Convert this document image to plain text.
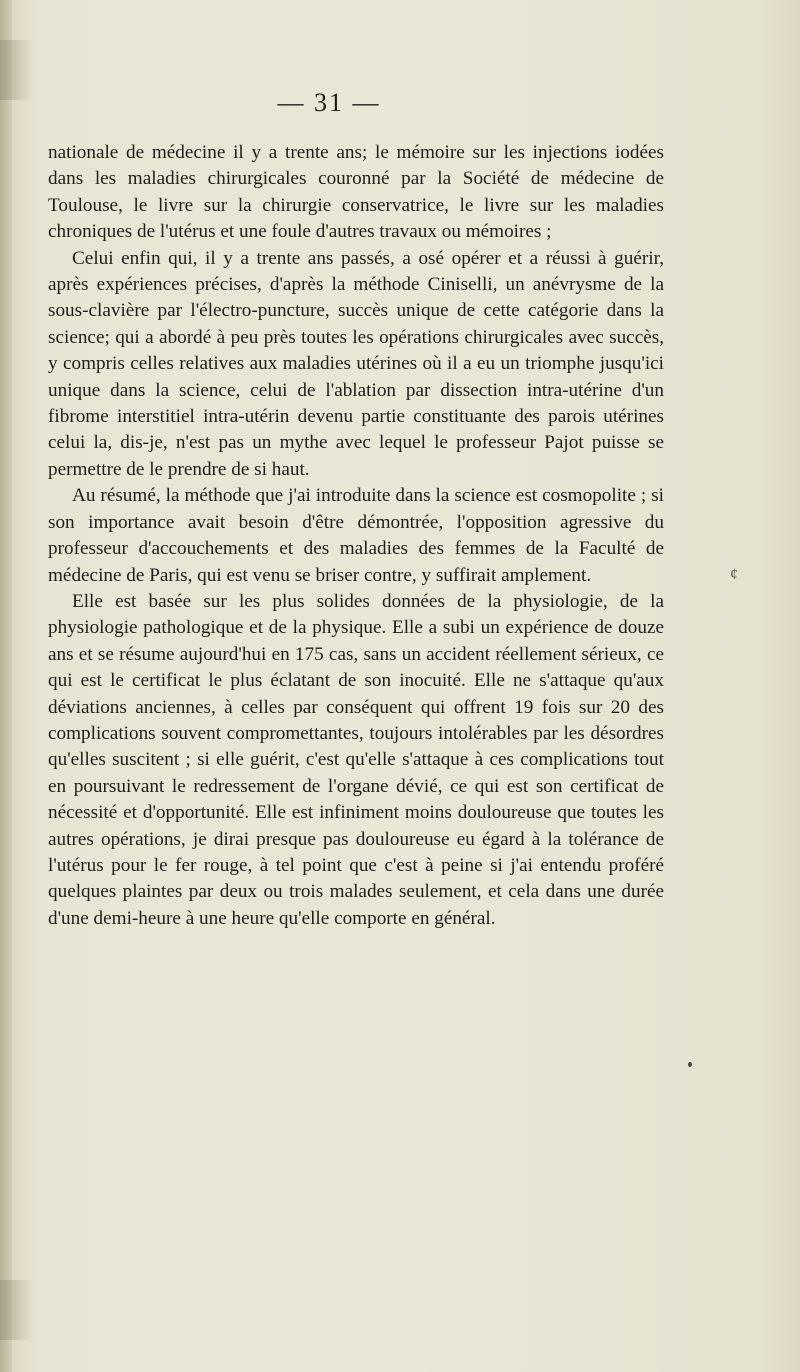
— 31 —

nationale de médecine il y a trente ans; le mémoire sur les injections iodées dans les maladies chirurgicales couronné par la Société de médecine de Toulouse, le livre sur la chirurgie conservatrice, le livre sur les maladies chroniques de l'utérus et une foule d'autres travaux ou mémoires ;

Celui enfin qui, il y a trente ans passés, a osé opérer et a réussi à guérir, après expériences précises, d'après la méthode Ciniselli, un anévrysme de la sous-clavière par l'électro-puncture, succès unique de cette catégorie dans la science; qui a abordé à peu près toutes les opérations chirurgicales avec succès, y compris celles relatives aux maladies utérines où il a eu un triomphe jusqu'ici unique dans la science, celui de l'ablation par dissection intra-utérine d'un fibrome interstitiel intra-utérin devenu partie constituante des parois utérines celui la, dis-je, n'est pas un mythe avec lequel le professeur Pajot puisse se permettre de le prendre de si haut.

Au résumé, la méthode que j'ai introduite dans la science est cosmopolite ; si son importance avait besoin d'être démontrée, l'opposition agressive du professeur d'accouchements et des maladies des femmes de la Faculté de médecine de Paris, qui est venu se briser contre, y suffirait amplement.

Elle est basée sur les plus solides données de la physiologie, de la physiologie pathologique et de la physique. Elle a subi un expérience de douze ans et se résume aujourd'hui en 175 cas, sans un accident réellement sérieux, ce qui est le certificat le plus éclatant de son inocuité. Elle ne s'attaque qu'aux déviations anciennes, à celles par conséquent qui offrent 19 fois sur 20 des complications souvent compromettantes, toujours intolérables par les désordres qu'elles suscitent ; si elle guérit, c'est qu'elle s'attaque à ces complications tout en poursuivant le redressement de l'organe dévié, ce qui est son certificat de nécessité et d'opportunité. Elle est infiniment moins douloureuse que toutes les autres opérations, je dirai presque pas douloureuse eu égard à la tolérance de l'utérus pour le fer rouge, à tel point que c'est à peine si j'ai entendu proféré quelques plaintes par deux ou trois malades seulement, et cela dans une durée d'une demi-heure à une heure qu'elle comporte en général.

¢
